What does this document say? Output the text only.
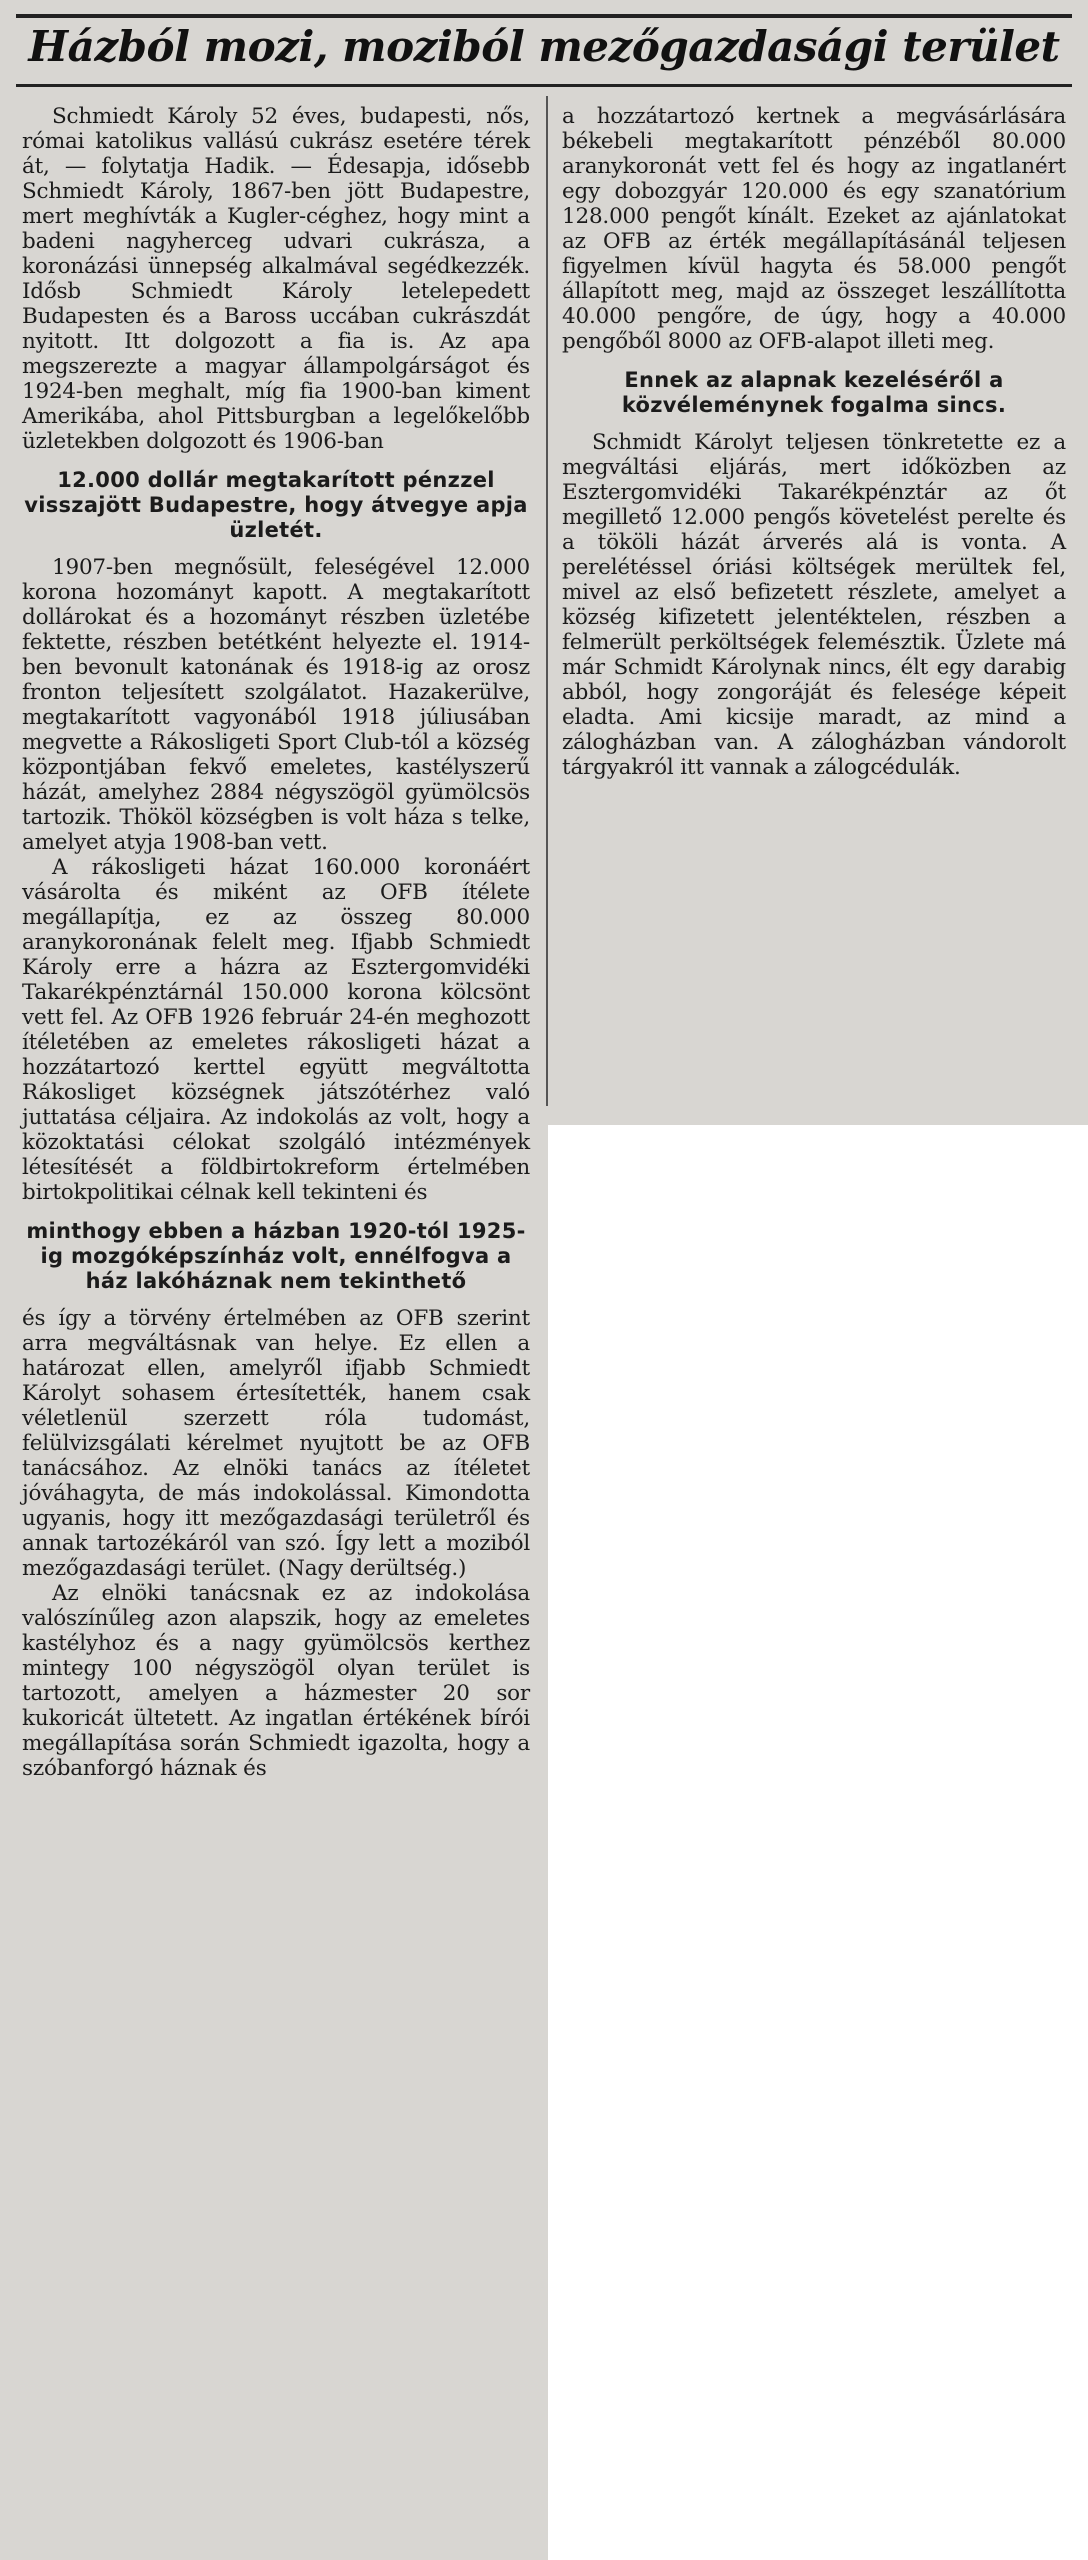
Házból mozi, moziból mezőgazdasági terület

Schmiedt Károly 52 éves, budapesti, nős, római katolikus vallású cukrász esetére térek át, — folytatja Hadik. — Édesapja, idősebb Schmiedt Károly, 1867-ben jött Budapestre, mert meghívták a Kugler-céghez, hogy mint a badeni nagyherceg udvari cukrásza, a koronázási ünnepség alkalmával segédkezzék. Idősb Schmiedt Károly letelepedett Budapesten és a Baross uccában cukrászdát nyitott. Itt dolgozott a fia is. Az apa megszerezte a magyar állampolgárságot és 1924-ben meghalt, míg fia 1900-ban kiment Amerikába, ahol Pittsburgban a legelőkelőbb üzletekben dolgozott és 1906-ban

12.000 dollár megtakarított pénzzel visszajött Budapestre, hogy átvegye apja üzletét.

1907-ben megnősült, feleségével 12.000 korona hozományt kapott. A megtakarított dollárokat és a hozományt részben üzletébe fektette, részben betétként helyezte el. 1914-ben bevonult katonának és 1918-ig az orosz fronton teljesített szolgálatot. Hazakerülve, megtakarított vagyonából 1918 júliusában megvette a Rákosligeti Sport Club-tól a község központjában fekvő emeletes, kastélyszerű házát, amelyhez 2884 négyszögöl gyümölcsös tartozik. Thököl községben is volt háza s telke, amelyet atyja 1908-ban vett.

A rákosligeti házat 160.000 koronáért vásárolta és miként az OFB ítélete megállapítja, ez az összeg 80.000 aranykoronának felelt meg. Ifjabb Schmiedt Károly erre a házra az Esztergomvidéki Takarékpénztárnál 150.000 korona kölcsönt vett fel. Az OFB 1926 február 24-én meghozott ítéletében az emeletes rákosligeti házat a hozzátartozó kerttel együtt megváltotta Rákosliget községnek játszótérhez való juttatása céljaira. Az indokolás az volt, hogy a közoktatási célokat szolgáló intézmények létesítését a földbirtokreform értelmében birtokpolitikai célnak kell tekinteni és

minthogy ebben a házban 1920-tól 1925-ig mozgóképszínház volt, ennélfogva a ház lakóháznak nem tekinthető

és így a törvény értelmében az OFB szerint arra megváltásnak van helye. Ez ellen a határozat ellen, amelyről ifjabb Schmiedt Károlyt sohasem értesítették, hanem csak véletlenül szerzett róla tudomást, felülvizsgálati kérelmet nyujtott be az OFB tanácsához. Az elnöki tanács az ítéletet jóváhagyta, de más indokolással. Kimondotta ugyanis, hogy itt mezőgazdasági területről és annak tartozékáról van szó. Így lett a moziból mezőgazdasági terület. (Nagy derültség.)

Az elnöki tanácsnak ez az indokolása valószínűleg azon alapszik, hogy az emeletes kastélyhoz és a nagy gyümölcsös kerthez mintegy 100 négyszögöl olyan terület is tartozott, amelyen a házmester 20 sor kukoricát ültetett. Az ingatlan értékének bírói megállapítása során Schmiedt igazolta, hogy a szóbanforgó háznak és

a hozzátartozó kertnek a megvásárlására békebeli megtakarított pénzéből 80.000 aranykoronát vett fel és hogy az ingatlanért egy dobozgyár 120.000 és egy szanatórium 128.000 pengőt kínált. Ezeket az ajánlatokat az OFB az érték megállapításánál teljesen figyelmen kívül hagyta és 58.000 pengőt állapított meg, majd az összeget leszállította 40.000 pengőre, de úgy, hogy a 40.000 pengőből 8000 az OFB-alapot illeti meg.

Ennek az alapnak kezeléséről a közvéleménynek fogalma sincs.

Schmidt Károlyt teljesen tönkretette ez a megváltási eljárás, mert időközben az Esztergomvidéki Takarékpénztár az őt megillető 12.000 pengős követelést perelte és a tököli házát árverés alá is vonta. A perelétéssel óriási költségek merültek fel, mivel az első befizetett részlete, amelyet a község kifizetett jelentéktelen, részben a felmerült perköltségek felemésztik. Üzlete má már Schmidt Károlynak nincs, élt egy darabig abból, hogy zongoráját és felesége képeit eladta. Ami kicsije maradt, az mind a zálogházban van. A zálogházban vándorolt tárgyakról itt vannak a zálogcédulák.
